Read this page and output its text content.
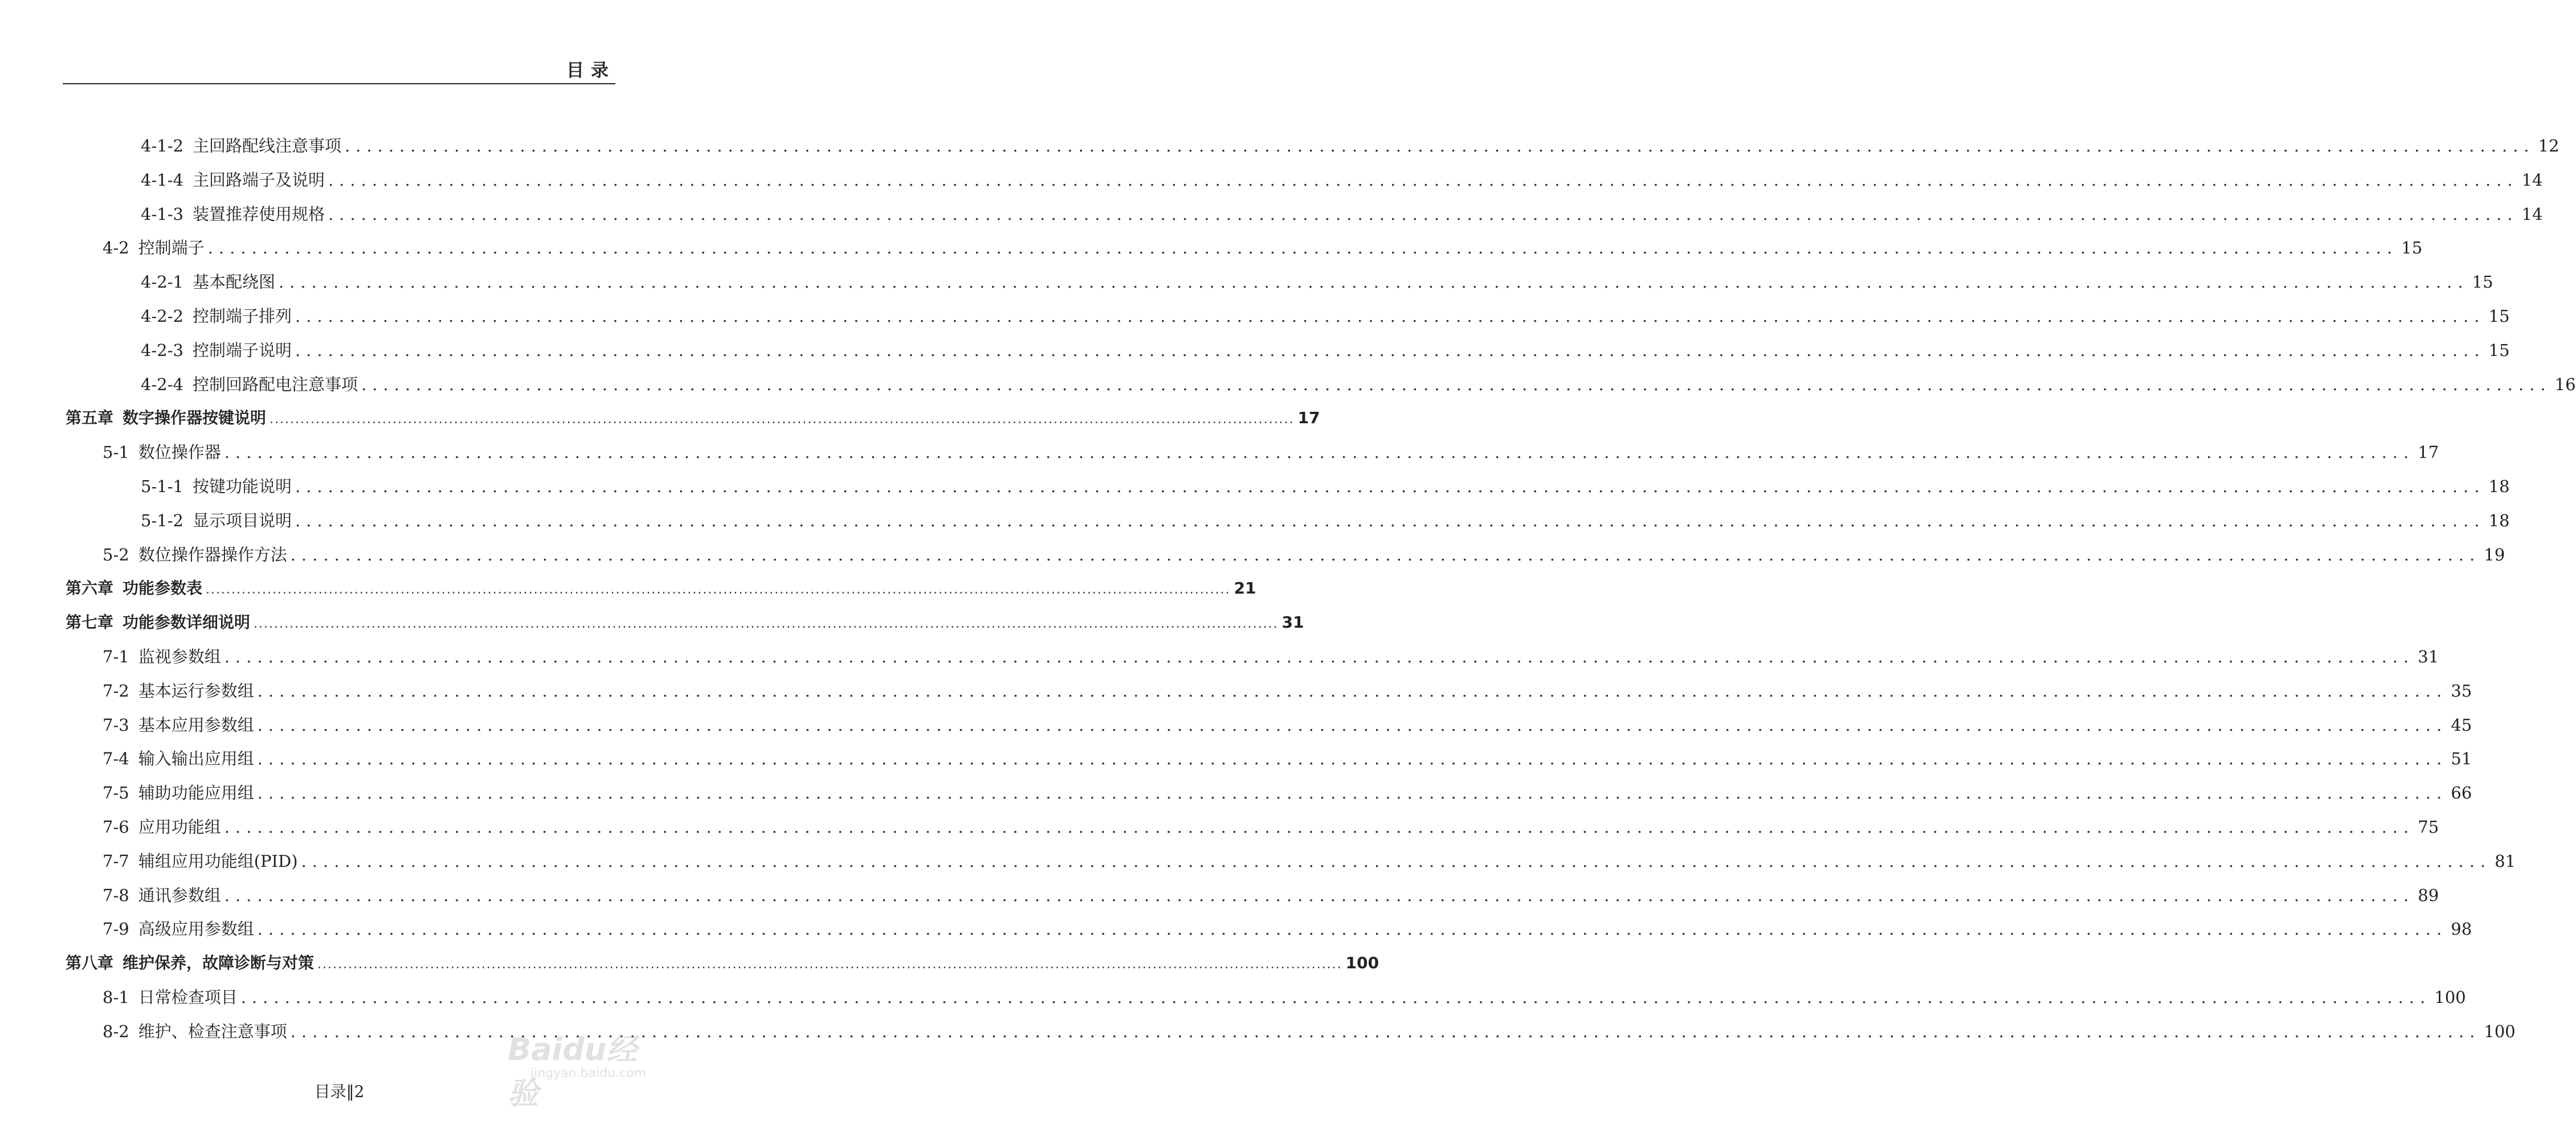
目录
4-1-2 主回路配线注意事项 ........................................................................................................................................................................................................ 12
4-1-4 主回路端子及说明 ........................................................................................................................................................................................................ 14
4-1-3 装置推荐使用规格 ........................................................................................................................................................................................................ 14
4-2 控制端子 ........................................................................................................................................................................................................ 15
4-2-1 基本配绕图 ........................................................................................................................................................................................................ 15
4-2-2 控制端子排列 ........................................................................................................................................................................................................ 15
4-2-3 控制端子说明 ........................................................................................................................................................................................................ 15
4-2-4 控制回路配电注意事项 ........................................................................................................................................................................................................ 16
第五章 数字操作器按键说明 ........................................................................................................................................................................................................ 17
5-1 数位操作器 ........................................................................................................................................................................................................ 17
5-1-1 按键功能说明 ........................................................................................................................................................................................................ 18
5-1-2 显示项目说明 ........................................................................................................................................................................................................ 18
5-2 数位操作器操作方法 ........................................................................................................................................................................................................ 19
第六章 功能参数表 ........................................................................................................................................................................................................ 21
第七章 功能参数详细说明 ........................................................................................................................................................................................................ 31
7-1 监视参数组 ........................................................................................................................................................................................................ 31
7-2 基本运行参数组 ........................................................................................................................................................................................................ 35
7-3 基本应用参数组 ........................................................................................................................................................................................................ 45
7-4 输入输出应用组 ........................................................................................................................................................................................................ 51
7-5 辅助功能应用组 ........................................................................................................................................................................................................ 66
7-6 应用功能组 ........................................................................................................................................................................................................ 75
7-7 辅组应用功能组(PID) ........................................................................................................................................................................................................ 81
7-8 通讯参数组 ........................................................................................................................................................................................................ 89
7-9 高级应用参数组 ........................................................................................................................................................................................................ 98
第八章 维护保养，故障诊断与对策 ........................................................................................................................................................................................................ 100
8-1 日常检查项目 ........................................................................................................................................................................................................ 100
8-2 维护、检查注意事项 ........................................................................................................................................................................................................ 100
目录‖2
Baidu经验
jingyan.baidu.com
